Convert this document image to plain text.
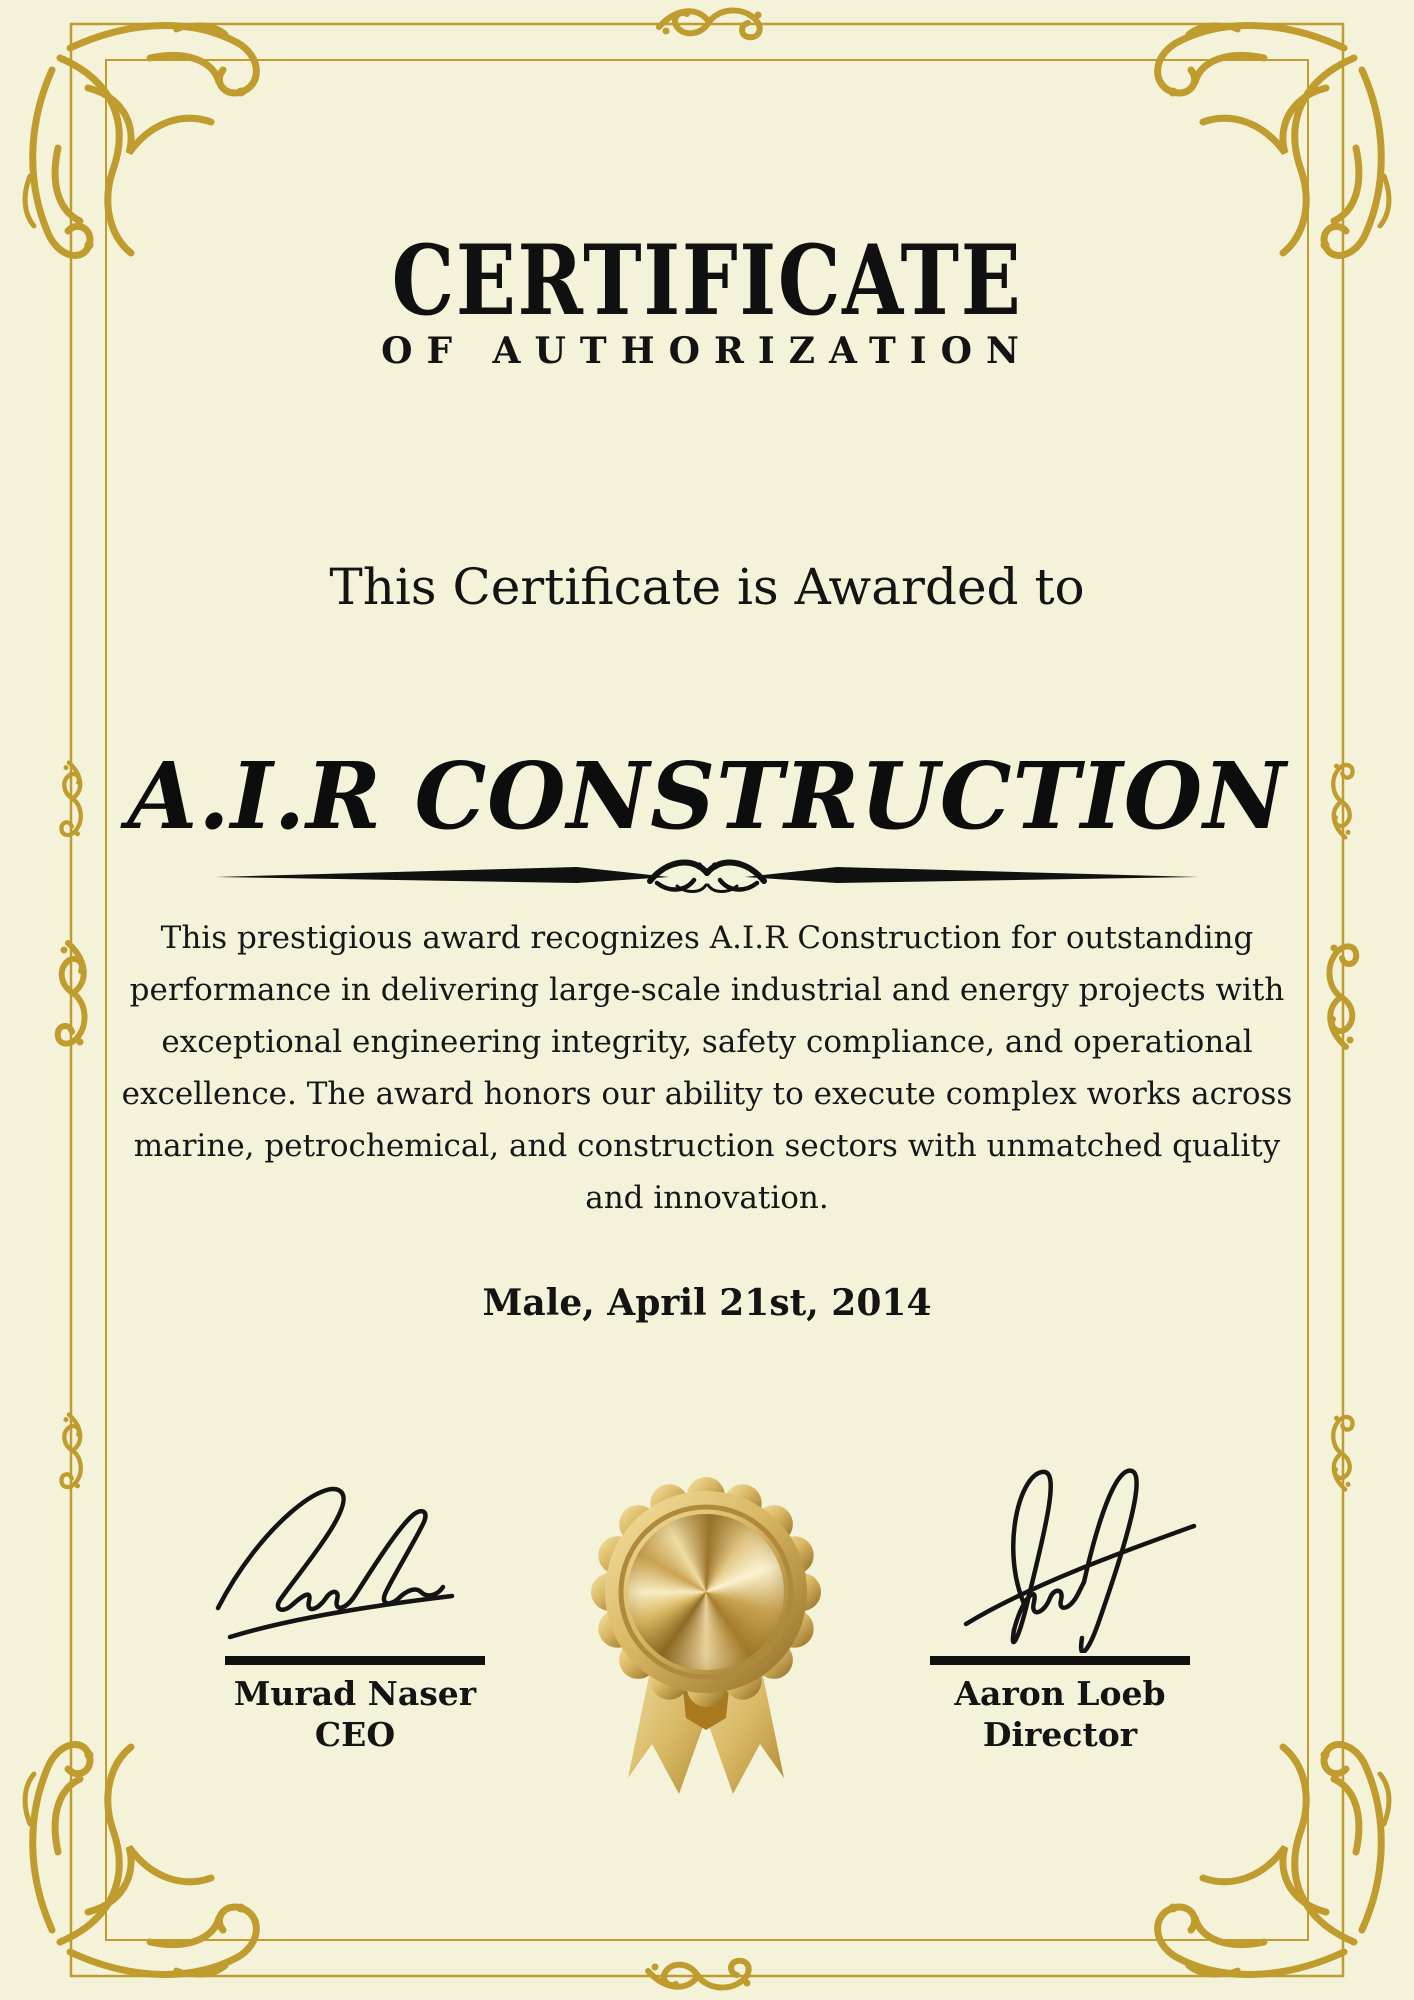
CERTIFICATE
OF AUTHORIZATION
This Certificate is Awarded to
A.I.R CONSTRUCTION
This prestigious award recognizes A.I.R Construction for outstanding
performance in delivering large-scale industrial and energy projects with
exceptional engineering integrity, safety compliance, and operational
excellence. The award honors our ability to execute complex works across
marine, petrochemical, and construction sectors with unmatched quality
and innovation.
Male, April 21st, 2014
Murad Naser
CEO
Aaron Loeb
Director
